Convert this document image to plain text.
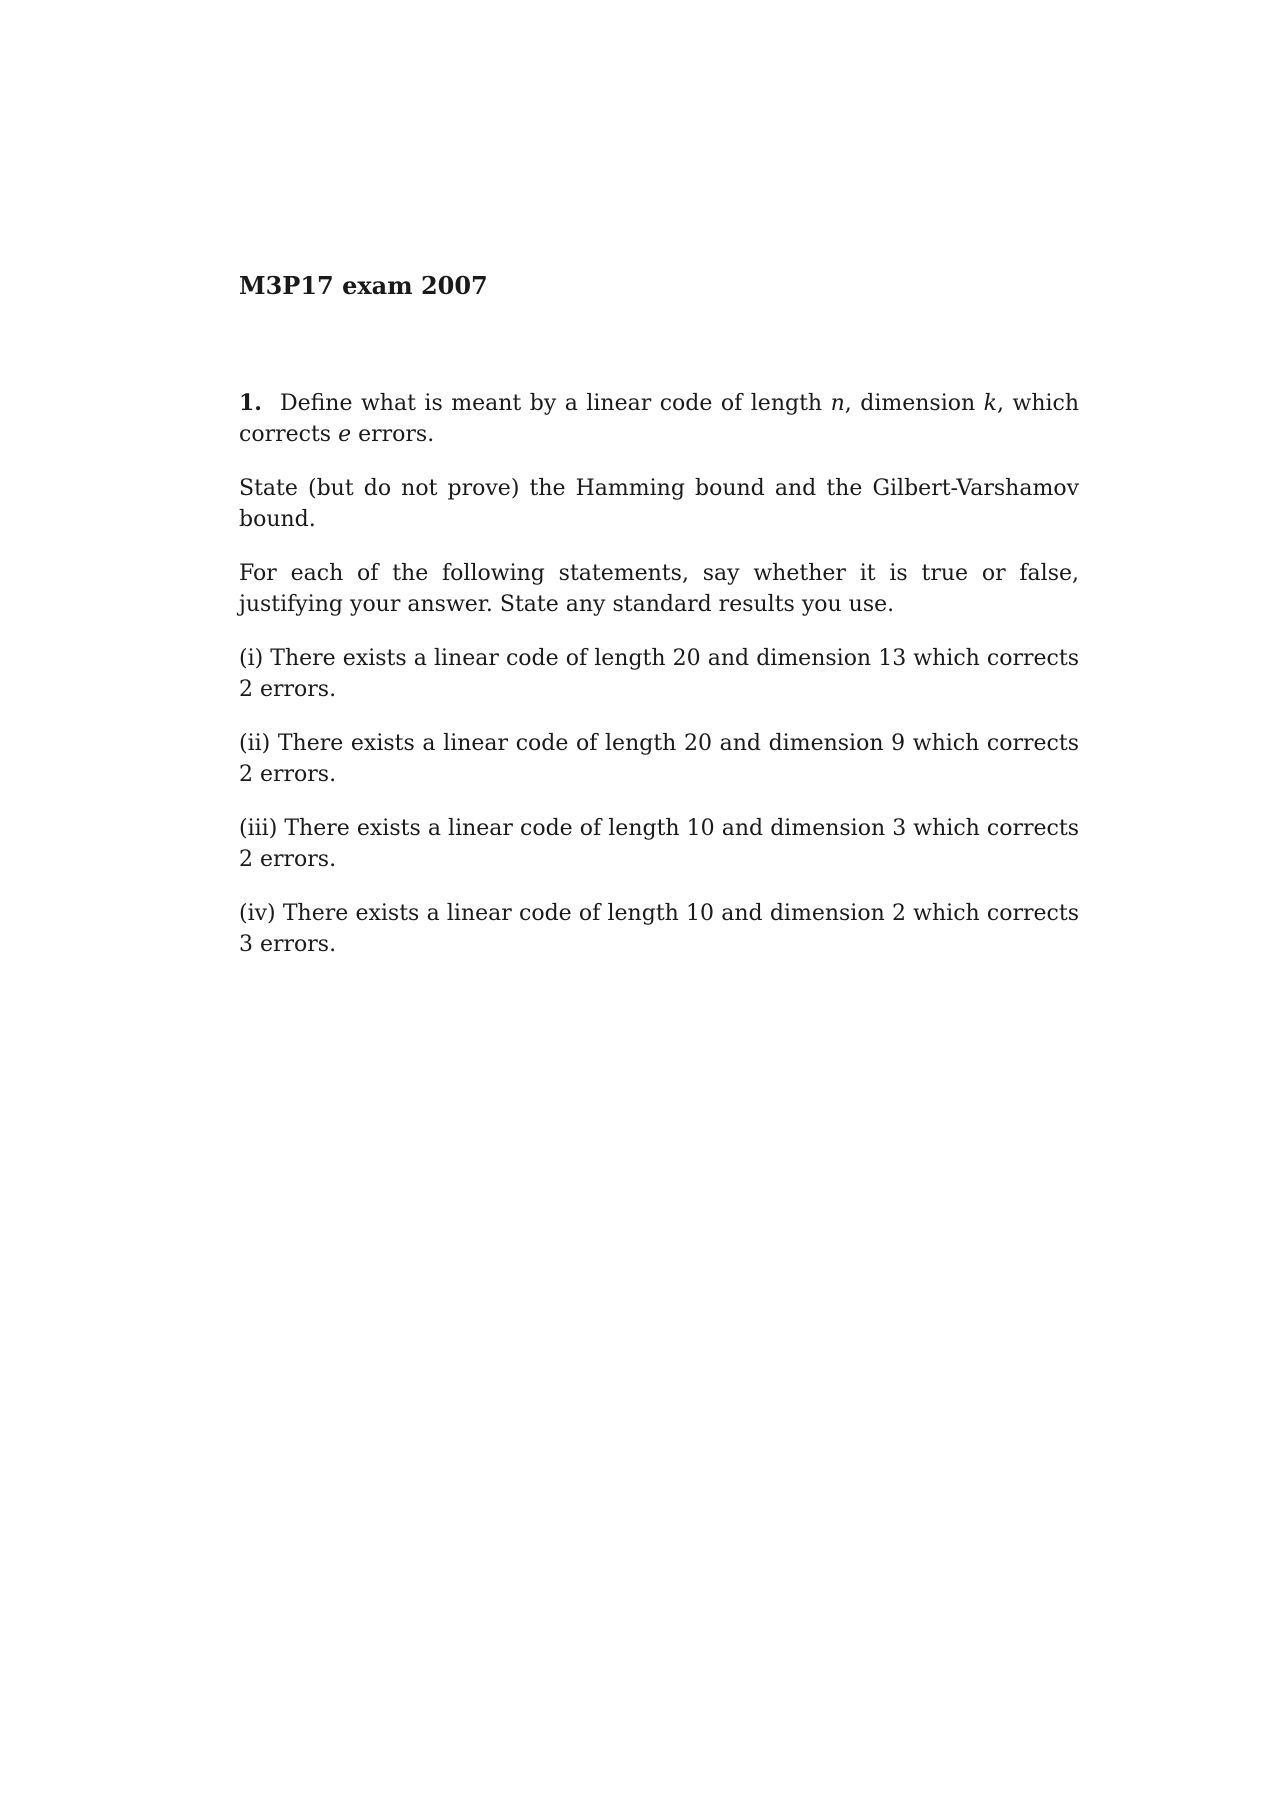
M3P17 exam 2007

1. Define what is meant by a linear code of length n, dimension k, which corrects e errors.

State (but do not prove) the Hamming bound and the Gilbert-Varshamov bound.

For each of the following statements, say whether it is true or false, justifying your answer. State any standard results you use.

(i) There exists a linear code of length 20 and dimension 13 which corrects 2 errors.

(ii) There exists a linear code of length 20 and dimension 9 which corrects 2 errors.

(iii) There exists a linear code of length 10 and dimension 3 which corrects 2 errors.

(iv) There exists a linear code of length 10 and dimension 2 which corrects 3 errors.
